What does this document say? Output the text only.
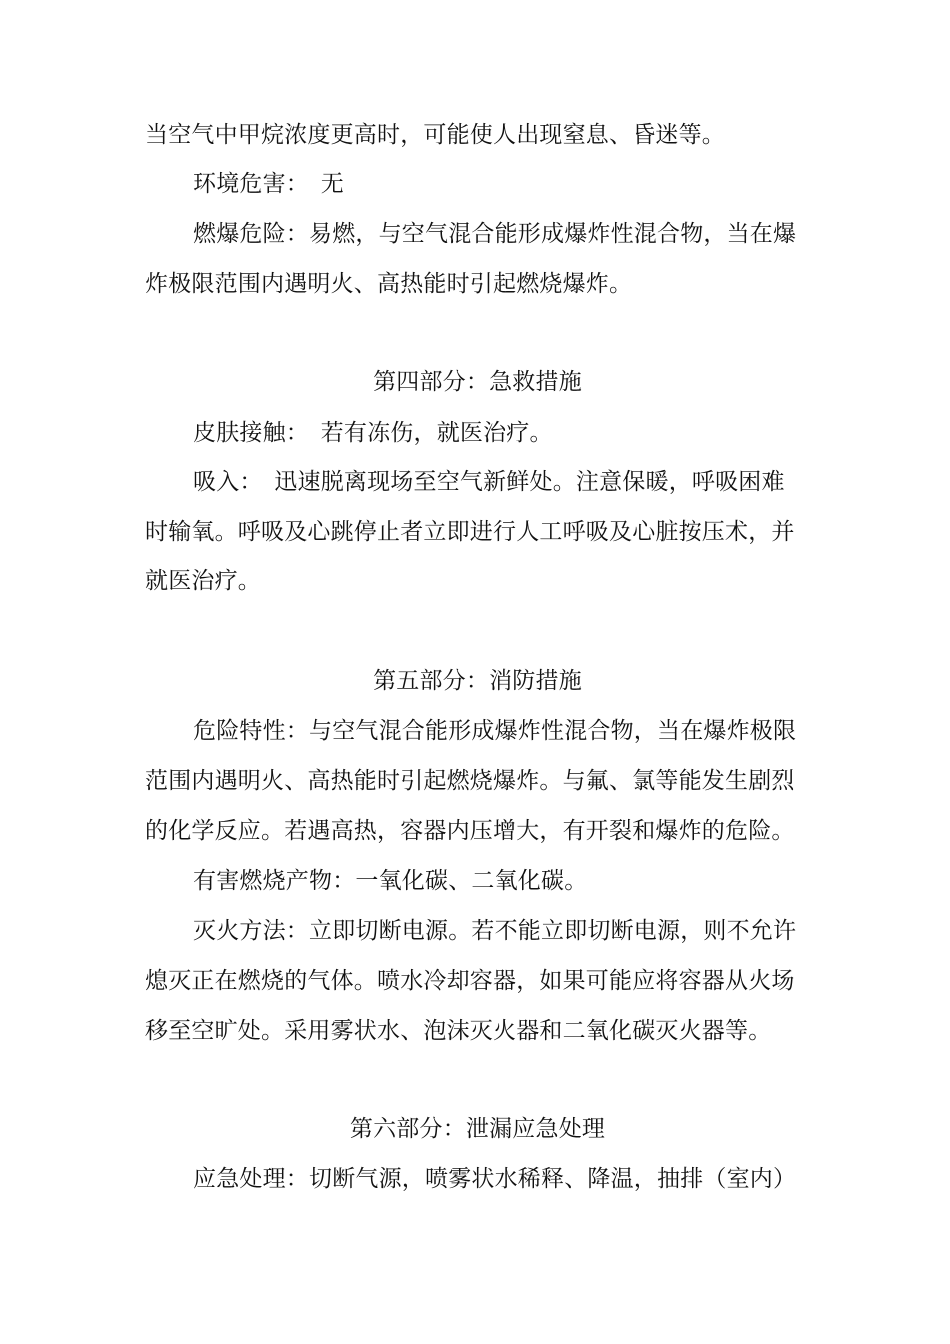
当空气中甲烷浓度更高时，可能使人出现窒息、昏迷等。
环境危害：　无
燃爆危险：易燃，与空气混合能形成爆炸性混合物，当在爆
炸极限范围内遇明火、高热能时引起燃烧爆炸。
第四部分：急救措施
皮肤接触：　若有冻伤，就医治疗。
吸入：　迅速脱离现场至空气新鲜处。注意保暖，呼吸困难
时输氧。呼吸及心跳停止者立即进行人工呼吸及心脏按压术，并
就医治疗。
第五部分：消防措施
危险特性：与空气混合能形成爆炸性混合物，当在爆炸极限
范围内遇明火、高热能时引起燃烧爆炸。与氟、氯等能发生剧烈
的化学反应。若遇高热，容器内压增大，有开裂和爆炸的危险。
有害燃烧产物：一氧化碳、二氧化碳。
灭火方法：立即切断电源。若不能立即切断电源，则不允许
熄灭正在燃烧的气体。喷水冷却容器，如果可能应将容器从火场
移至空旷处。采用雾状水、泡沫灭火器和二氧化碳灭火器等。
第六部分：泄漏应急处理
应急处理：切断气源，喷雾状水稀释、降温，抽排（室内）
